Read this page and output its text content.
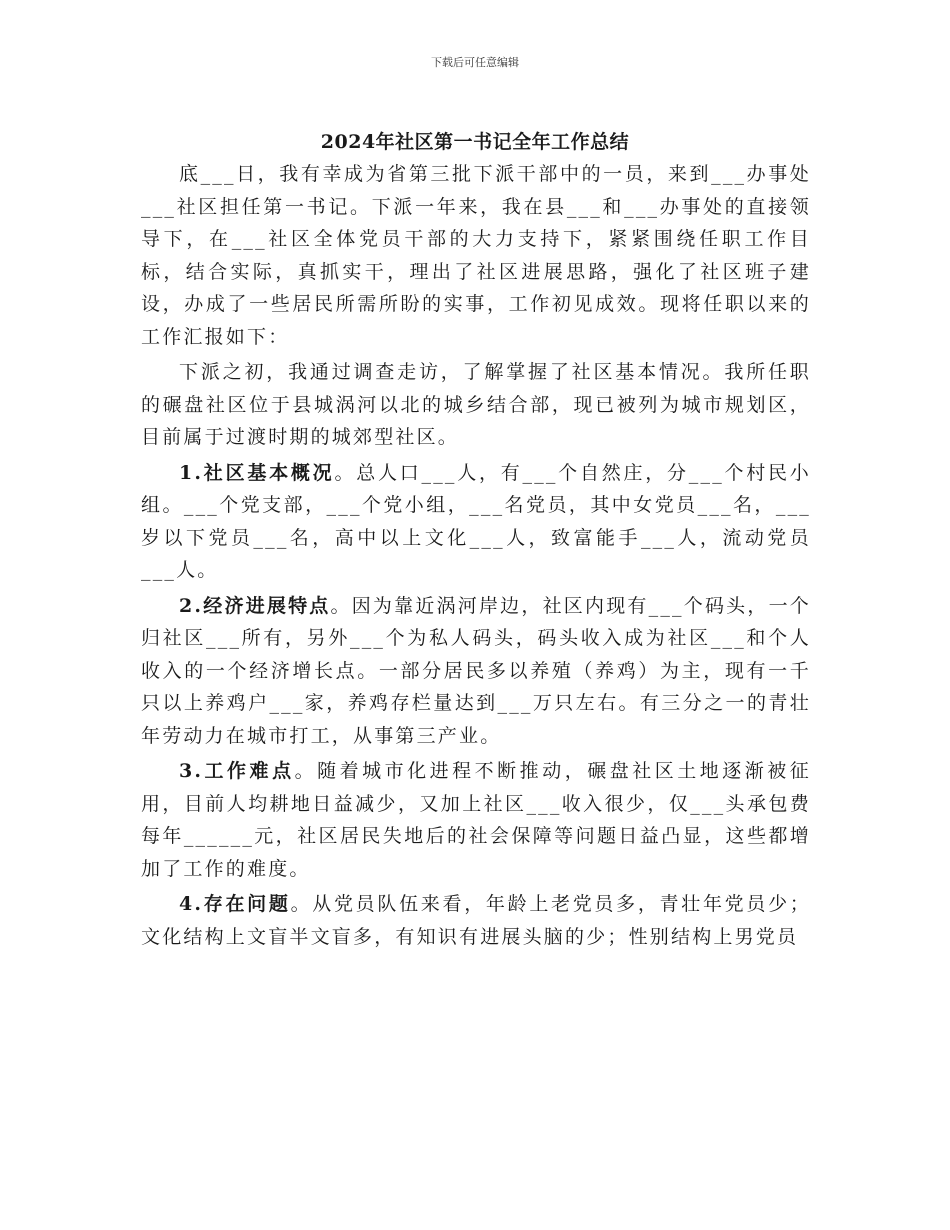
下载后可任意编辑
2024年社区第一书记全年工作总结

底___日，我有幸成为省第三批下派干部中的一员，来到___办事处___社区担任第一书记。下派一年来，我在县___和___办事处的直接领导下，在___社区全体党员干部的大力支持下，紧紧围绕任职工作目标，结合实际，真抓实干，理出了社区进展思路，强化了社区班子建设，办成了一些居民所需所盼的实事，工作初见成效。现将任职以来的工作汇报如下：

下派之初，我通过调查走访，了解掌握了社区基本情况。我所任职的碾盘社区位于县城涡河以北的城乡结合部，现已被列为城市规划区，目前属于过渡时期的城郊型社区。

1.社区基本概况。总人口___人，有___个自然庄，分___个村民小组。___个党支部，___个党小组，___名党员，其中女党员___名，___岁以下党员___名，高中以上文化___人，致富能手___人，流动党员___人。

2.经济进展特点。因为靠近涡河岸边，社区内现有___个码头，一个归社区___所有，另外___个为私人码头，码头收入成为社区___和个人收入的一个经济增长点。一部分居民多以养殖（养鸡）为主，现有一千只以上养鸡户___家，养鸡存栏量达到___万只左右。有三分之一的青壮年劳动力在城市打工，从事第三产业。

3.工作难点。随着城市化进程不断推动，碾盘社区土地逐渐被征用，目前人均耕地日益减少，又加上社区___收入很少，仅___头承包费每年______元，社区居民失地后的社会保障等问题日益凸显，这些都增加了工作的难度。

4.存在问题。从党员队伍来看，年龄上老党员多，青壮年党员少；文化结构上文盲半文盲多，有知识有进展头脑的少；性别结构上男党员
